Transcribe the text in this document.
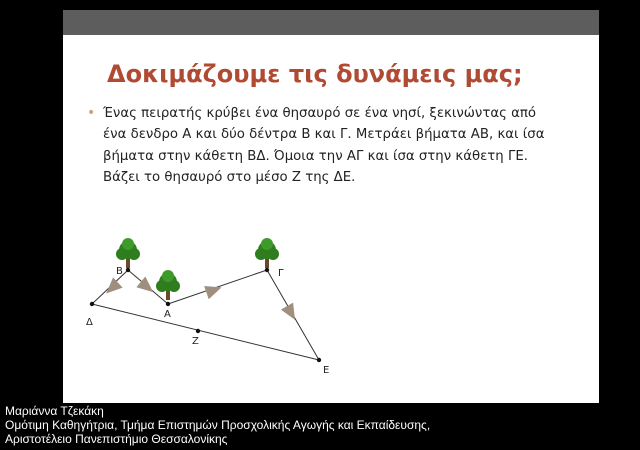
Δοκιμάζουμε τις δυνάμεις μας;
• Ένας πειρατής κρύβει ένα θησαυρό σε ένα νησί, ξεκινώντας από
ένα δενδρο Α και δύο δέντρα Β και Γ. Μετράει βήματα ΑΒ, και ίσα
βήματα στην κάθετη ΒΔ. Όμοια την ΑΓ και ίσα στην κάθετη ΓΕ.
Βάζει το θησαυρό στο μέσο Ζ της ΔΕ.
Β
Α
Γ
Δ
Ε
Ζ
Μαριάννα Τζεκάκη
Ομότιμη Καθηγήτρια, Τμήμα Επιστημών Προσχολικής Αγωγής και Εκπαίδευσης,
Αριστοτέλειο Πανεπιστήμιο Θεσσαλονίκης
